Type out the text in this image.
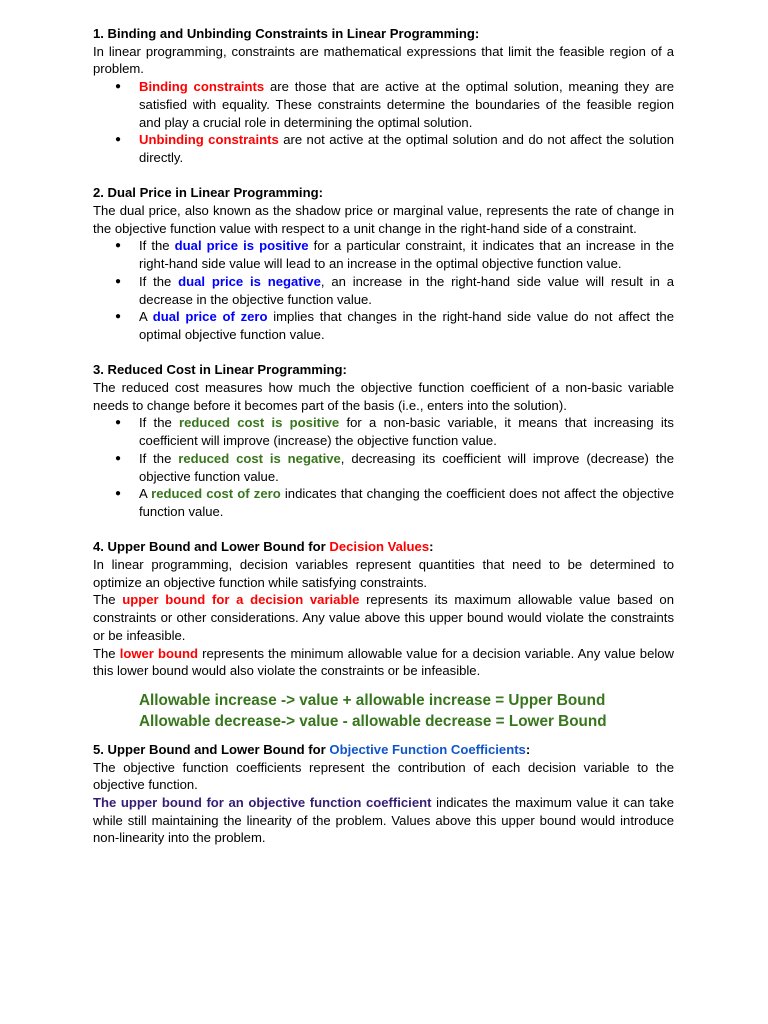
1. Binding and Unbinding Constraints in Linear Programming:
In linear programming, constraints are mathematical expressions that limit the feasible region of a problem.
● Binding constraints are those that are active at the optimal solution, meaning they are satisfied with equality. These constraints determine the boundaries of the feasible region and play a crucial role in determining the optimal solution.
● Unbinding constraints are not active at the optimal solution and do not affect the solution directly.
2. Dual Price in Linear Programming:
The dual price, also known as the shadow price or marginal value, represents the rate of change in the objective function value with respect to a unit change in the right-hand side of a constraint.
● If the dual price is positive for a particular constraint, it indicates that an increase in the right-hand side value will lead to an increase in the optimal objective function value.
● If the dual price is negative, an increase in the right-hand side value will result in a decrease in the objective function value.
● A dual price of zero implies that changes in the right-hand side value do not affect the optimal objective function value.
3. Reduced Cost in Linear Programming:
The reduced cost measures how much the objective function coefficient of a non-basic variable needs to change before it becomes part of the basis (i.e., enters into the solution).
● If the reduced cost is positive for a non-basic variable, it means that increasing its coefficient will improve (increase) the objective function value.
● If the reduced cost is negative, decreasing its coefficient will improve (decrease) the objective function value.
● A reduced cost of zero indicates that changing the coefficient does not affect the objective function value.
4. Upper Bound and Lower Bound for Decision Values:
In linear programming, decision variables represent quantities that need to be determined to optimize an objective function while satisfying constraints.
The upper bound for a decision variable represents its maximum allowable value based on constraints or other considerations. Any value above this upper bound would violate the constraints or be infeasible.
The lower bound represents the minimum allowable value for a decision variable. Any value below this lower bound would also violate the constraints or be infeasible.
Allowable increase -> value + allowable increase = Upper Bound
Allowable decrease-> value - allowable decrease = Lower Bound
5. Upper Bound and Lower Bound for Objective Function Coefficients:
The objective function coefficients represent the contribution of each decision variable to the objective function.
The upper bound for an objective function coefficient indicates the maximum value it can take while still maintaining the linearity of the problem. Values above this upper bound would introduce non-linearity into the problem.
